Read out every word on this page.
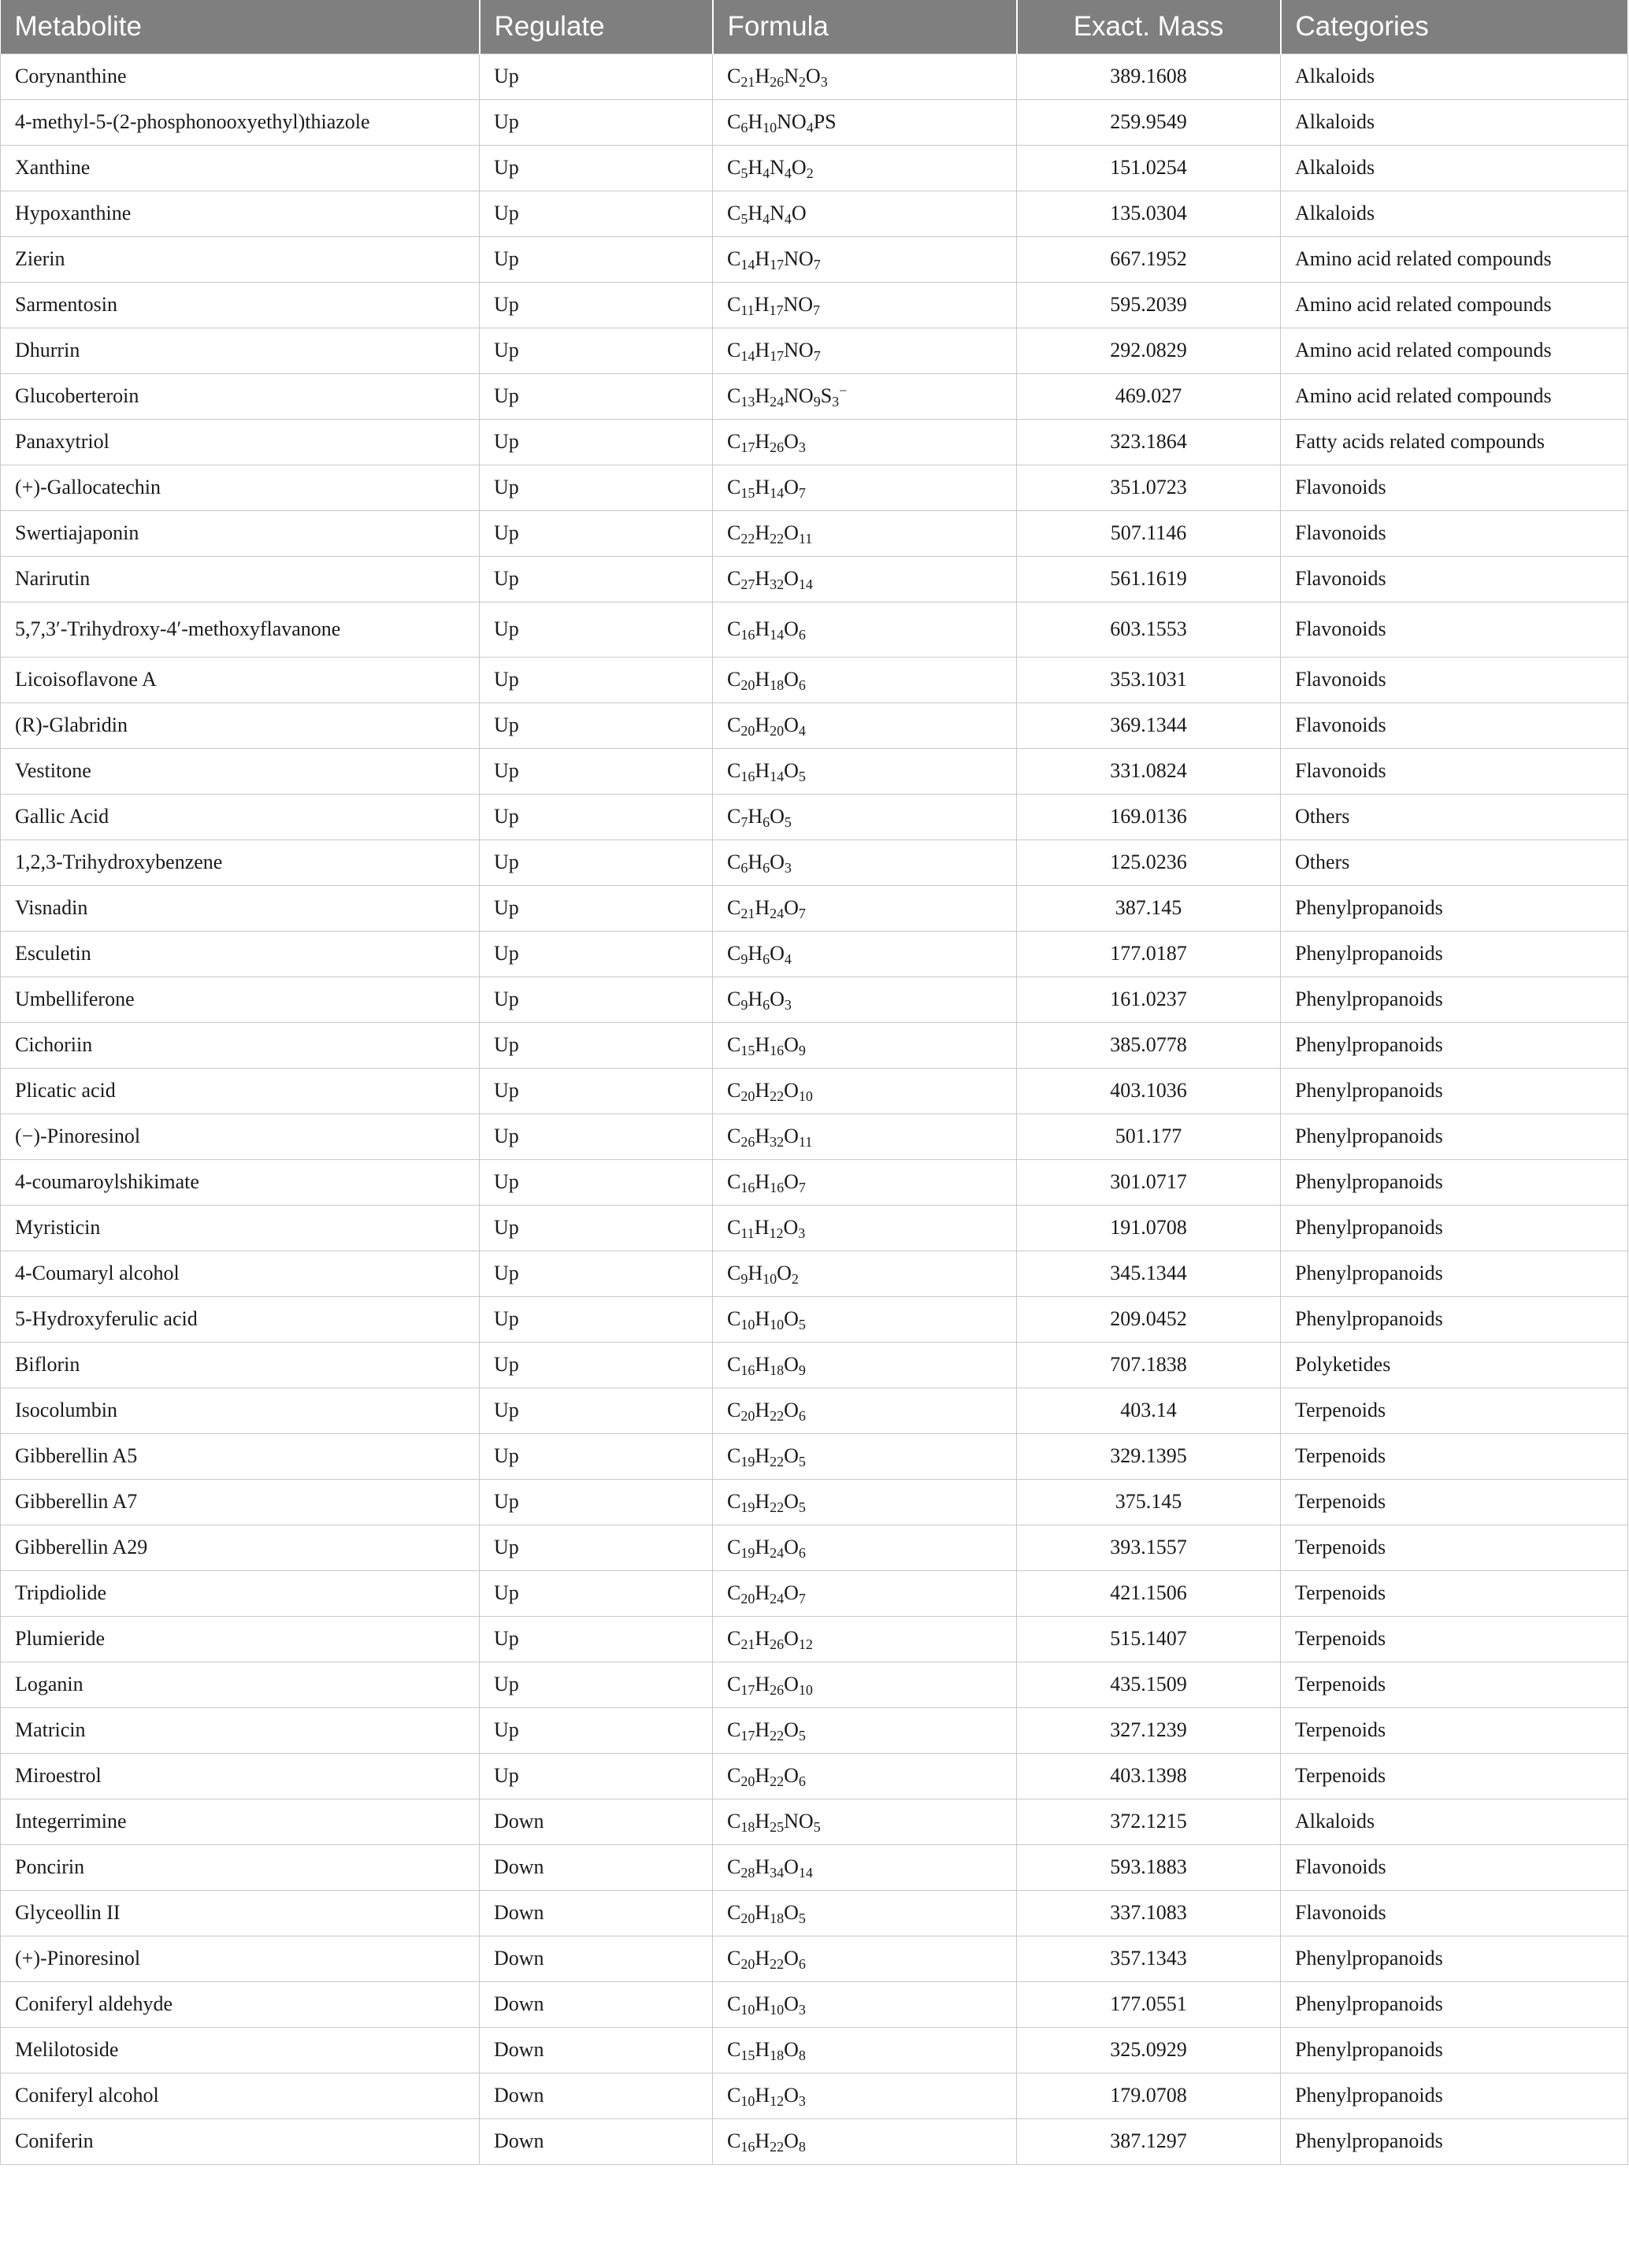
Metabolite	Regulate	Formula	Exact. Mass	Categories
Corynanthine	Up	$C_{21}H_{26}N_2O_3$	389.1608	Alkaloids
4-methyl-5-(2-phosphonooxyethyl)thiazole	Up	$C_6H_{10}NO_4PS$	259.9549	Alkaloids
Xanthine	Up	$C_5H_4N_4O_2$	151.0254	Alkaloids
Hypoxanthine	Up	$C_5H_4N_4O$	135.0304	Alkaloids
Zierin	Up	$C_{14}H_{17}NO_7$	667.1952	Amino acid related compounds
Sarmentosin	Up	$C_{11}H_{17}NO_7$	595.2039	Amino acid related compounds
Dhurrin	Up	$C_{14}H_{17}NO_7$	292.0829	Amino acid related compounds
Glucoberteroin	Up	$C_{13}H_{24}NO_9S_3^-$	469.027	Amino acid related compounds
Panaxytriol	Up	$C_{17}H_{26}O_3$	323.1864	Fatty acids related compounds
(+)-Gallocatechin	Up	$C_{15}H_{14}O_7$	351.0723	Flavonoids
Swertiajaponin	Up	$C_{22}H_{22}O_{11}$	507.1146	Flavonoids
Narirutin	Up	$C_{27}H_{32}O_{14}$	561.1619	Flavonoids
5,7,3′-Trihydroxy-4′-methoxyflavanone	Up	$C_{16}H_{14}O_6$	603.1553	Flavonoids
Licoisoflavone A	Up	$C_{20}H_{18}O_6$	353.1031	Flavonoids
(R)-Glabridin	Up	$C_{20}H_{20}O_4$	369.1344	Flavonoids
Vestitone	Up	$C_{16}H_{14}O_5$	331.0824	Flavonoids
Gallic Acid	Up	$C_7H_6O_5$	169.0136	Others
1,2,3-Trihydroxybenzene	Up	$C_6H_6O_3$	125.0236	Others
Visnadin	Up	$C_{21}H_{24}O_7$	387.145	Phenylpropanoids
Esculetin	Up	$C_9H_6O_4$	177.0187	Phenylpropanoids
Umbelliferone	Up	$C_9H_6O_3$	161.0237	Phenylpropanoids
Cichoriin	Up	$C_{15}H_{16}O_9$	385.0778	Phenylpropanoids
Plicatic acid	Up	$C_{20}H_{22}O_{10}$	403.1036	Phenylpropanoids
(−)-Pinoresinol	Up	$C_{26}H_{32}O_{11}$	501.177	Phenylpropanoids
4-coumaroylshikimate	Up	$C_{16}H_{16}O_7$	301.0717	Phenylpropanoids
Myristicin	Up	$C_{11}H_{12}O_3$	191.0708	Phenylpropanoids
4-Coumaryl alcohol	Up	$C_9H_{10}O_2$	345.1344	Phenylpropanoids
5-Hydroxyferulic acid	Up	$C_{10}H_{10}O_5$	209.0452	Phenylpropanoids
Biflorin	Up	$C_{16}H_{18}O_9$	707.1838	Polyketides
Isocolumbin	Up	$C_{20}H_{22}O_6$	403.14	Terpenoids
Gibberellin A5	Up	$C_{19}H_{22}O_5$	329.1395	Terpenoids
Gibberellin A7	Up	$C_{19}H_{22}O_5$	375.145	Terpenoids
Gibberellin A29	Up	$C_{19}H_{24}O_6$	393.1557	Terpenoids
Tripdiolide	Up	$C_{20}H_{24}O_7$	421.1506	Terpenoids
Plumieride	Up	$C_{21}H_{26}O_{12}$	515.1407	Terpenoids
Loganin	Up	$C_{17}H_{26}O_{10}$	435.1509	Terpenoids
Matricin	Up	$C_{17}H_{22}O_5$	327.1239	Terpenoids
Miroestrol	Up	$C_{20}H_{22}O_6$	403.1398	Terpenoids
Integerrimine	Down	$C_{18}H_{25}NO_5$	372.1215	Alkaloids
Poncirin	Down	$C_{28}H_{34}O_{14}$	593.1883	Flavonoids
Glyceollin II	Down	$C_{20}H_{18}O_5$	337.1083	Flavonoids
(+)-Pinoresinol	Down	$C_{20}H_{22}O_6$	357.1343	Phenylpropanoids
Coniferyl aldehyde	Down	$C_{10}H_{10}O_3$	177.0551	Phenylpropanoids
Melilotoside	Down	$C_{15}H_{18}O_8$	325.0929	Phenylpropanoids
Coniferyl alcohol	Down	$C_{10}H_{12}O_3$	179.0708	Phenylpropanoids
Coniferin	Down	$C_{16}H_{22}O_8$	387.1297	Phenylpropanoids
